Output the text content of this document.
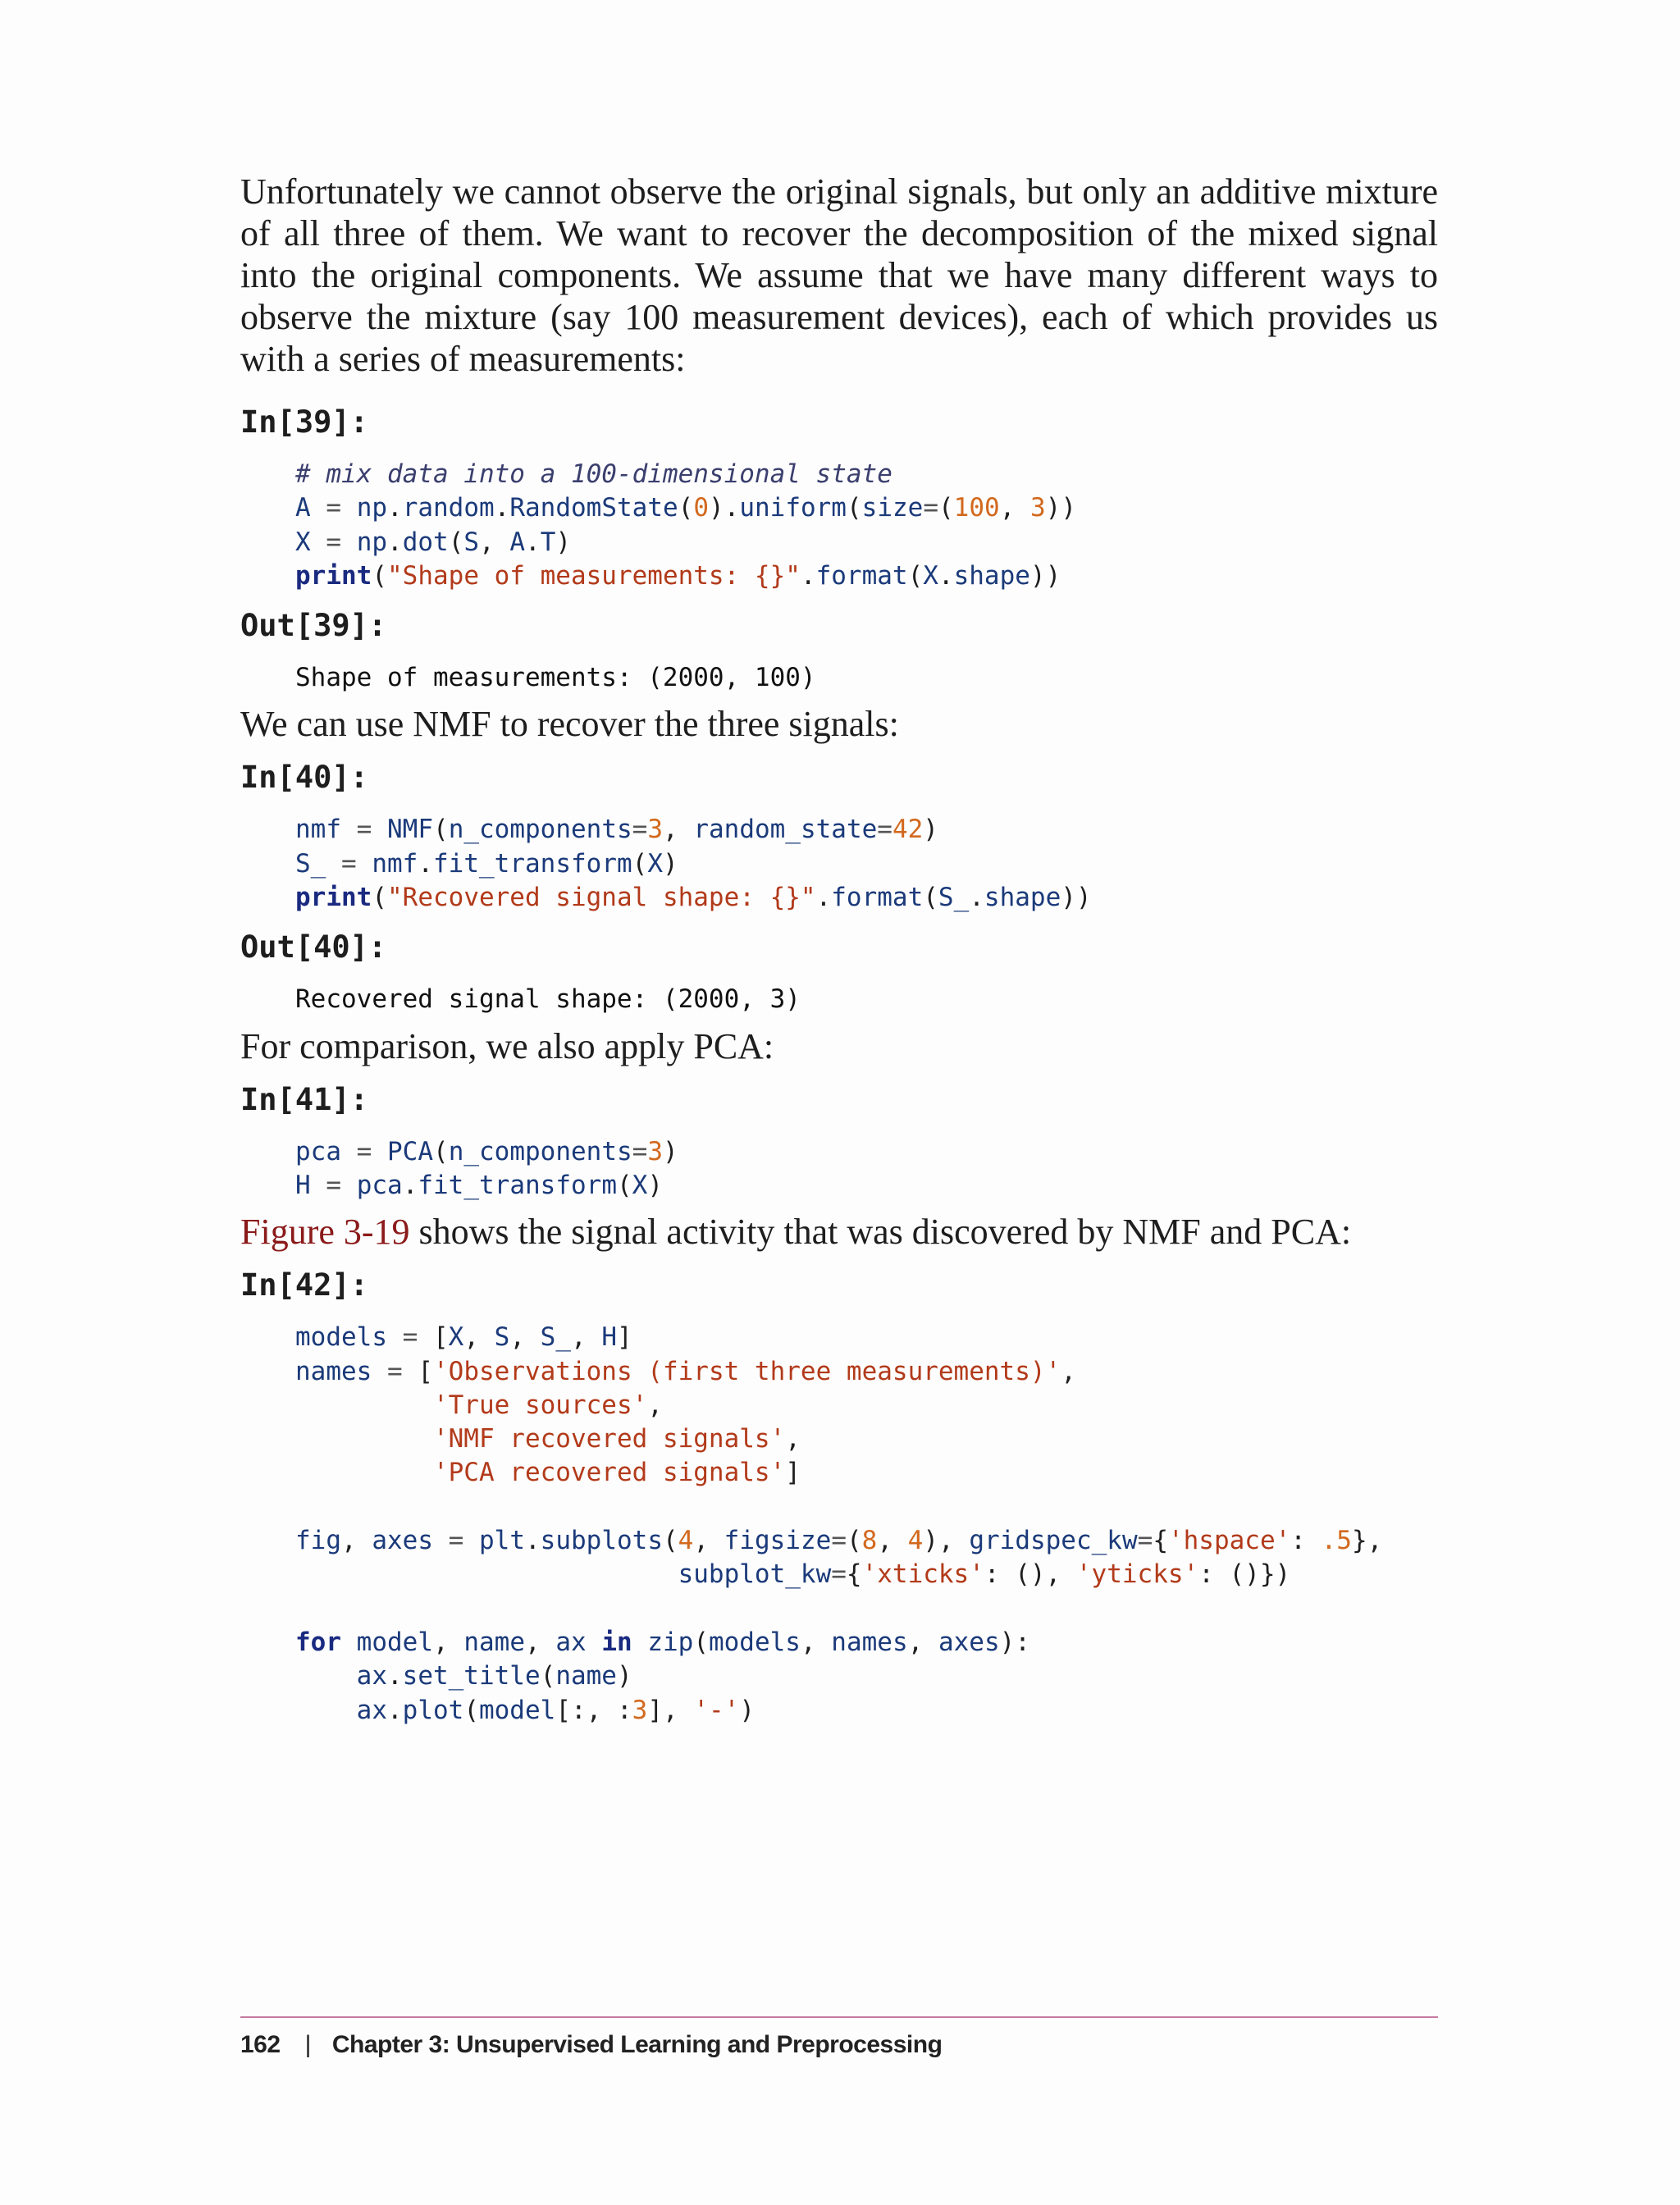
Unfortunately we cannot observe the original signals, but only an additive mixture of all three of them. We want to recover the decomposition of the mixed signal into the original components. We assume that we have many different ways to observe the mixture (say 100 measurement devices), each of which provides us with a series of measurements:

In[39]:

# mix data into a 100-dimensional state
A = np.random.RandomState(0).uniform(size=(100, 3))
X = np.dot(S, A.T)
print("Shape of measurements: {}".format(X.shape))

Out[39]:

Shape of measurements: (2000, 100)

We can use NMF to recover the three signals:

In[40]:

nmf = NMF(n_components=3, random_state=42)
S_ = nmf.fit_transform(X)
print("Recovered signal shape: {}".format(S_.shape))

Out[40]:

Recovered signal shape: (2000, 3)

For comparison, we also apply PCA:

In[41]:

pca = PCA(n_components=3)
H = pca.fit_transform(X)

Figure 3-19 shows the signal activity that was discovered by NMF and PCA:

In[42]:

models = [X, S, S_, H]
names = ['Observations (first three measurements)',
'True sources',
'NMF recovered signals',
'PCA recovered signals']

fig, axes = plt.subplots(4, figsize=(8, 4), gridspec_kw={'hspace': .5},
subplot_kw={'xticks': (), 'yticks': ()})

for model, name, ax in zip(models, names, axes):
ax.set_title(name)
ax.plot(model[:, :3], '-')
162 | Chapter 3: Unsupervised Learning and Preprocessing
